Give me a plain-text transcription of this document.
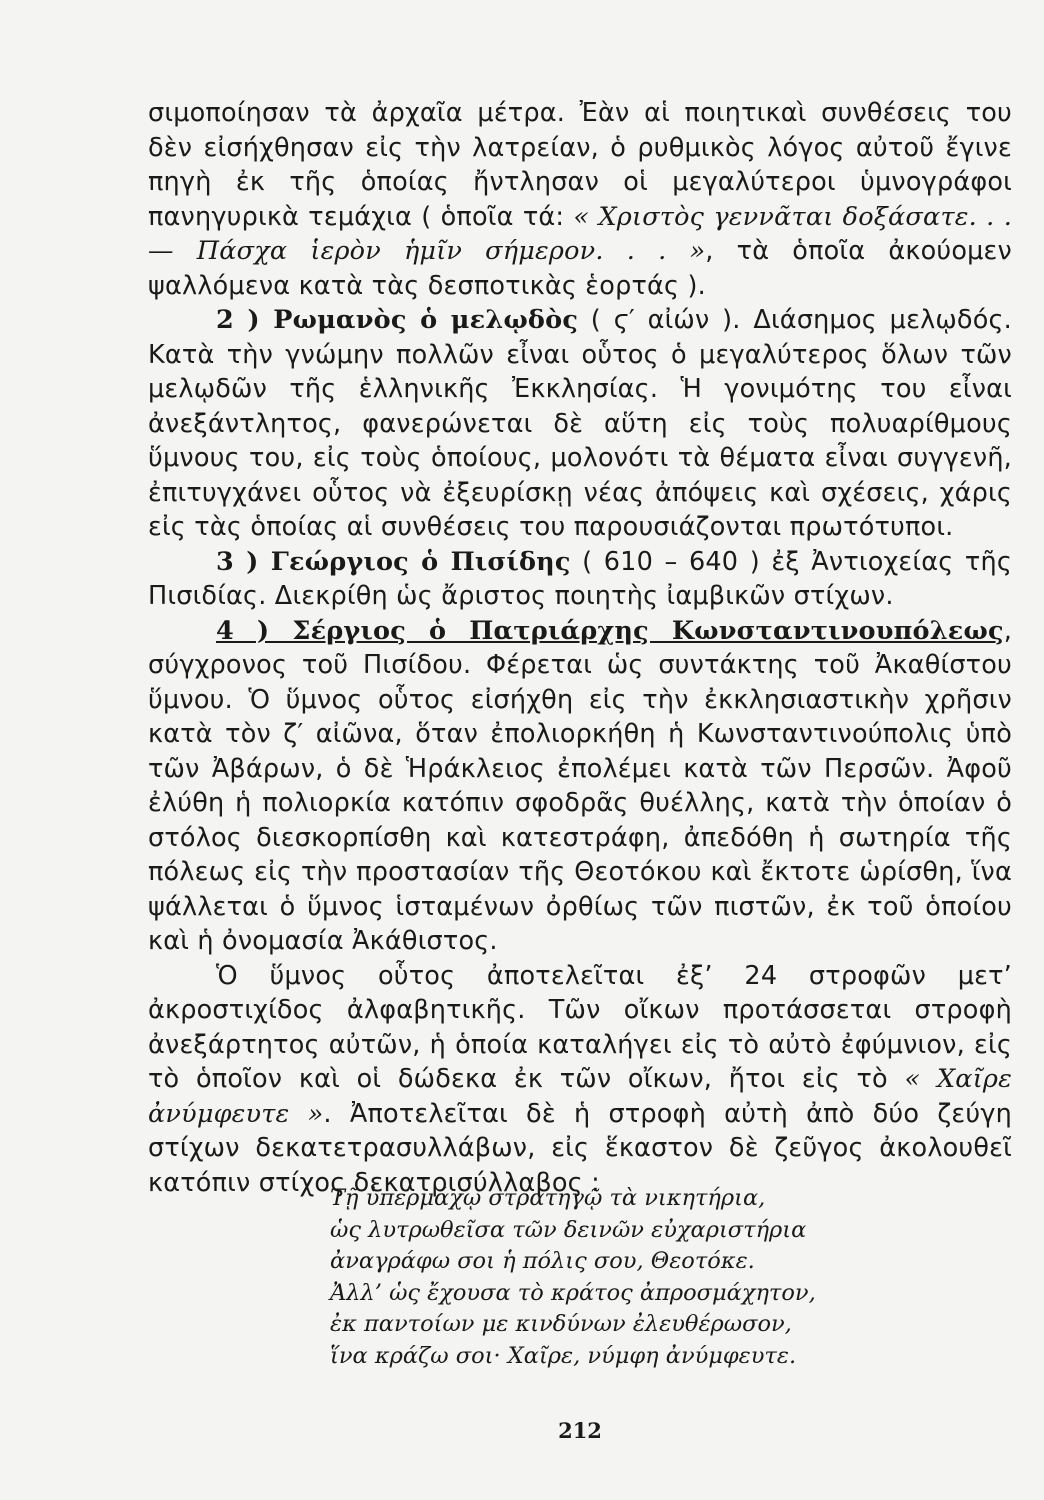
σιμοποίησαν τὰ ἀρχαῖα μέτρα. Ἐὰν αἱ ποιητικαὶ συνθέσεις του δὲν εἰσήχθησαν εἰς τὴν λατρείαν, ὁ ρυθμικὸς λόγος αὐτοῦ ἔγινε πηγὴ ἐκ τῆς ὁποίας ἤντλησαν οἱ μεγαλύτεροι ὑμνογράφοι πανηγυρικὰ τεμάχια ( ὁποῖα τά: « Χριστὸς γεννᾶται δοξάσατε. . . — Πάσχα ἱερὸν ἡμῖν σήμερον. . . », τὰ ὁποῖα ἀκούομεν ψαλλόμενα κατὰ τὰς δεσποτικὰς ἑορτάς ).

2 ) Ρωμανὸς ὁ μελῳδὸς ( ϛ′ αἰών ). Διάσημος μελῳδός. Κατὰ τὴν γνώμην πολλῶν εἶναι οὗτος ὁ μεγαλύτερος ὅλων τῶν μελῳδῶν τῆς ἑλληνικῆς Ἐκκλησίας. Ἡ γονιμότης του εἶναι ἀνεξάντλητος, φανερώνεται δὲ αὕτη εἰς τοὺς πολυαρίθμους ὕμνους του, εἰς τοὺς ὁποίους, μολονότι τὰ θέματα εἶναι συγγενῆ, ἐπιτυγχάνει οὗτος νὰ ἐξευρίσκῃ νέας ἀπόψεις καὶ σχέσεις, χάρις εἰς τὰς ὁποίας αἱ συνθέσεις του παρουσιάζονται πρωτότυποι.

3 ) Γεώργιος ὁ Πισίδης ( 610 – 640 ) ἐξ Ἀντιοχείας τῆς Πισιδίας. Διεκρίθη ὡς ἄριστος ποιητὴς ἰαμβικῶν στίχων.

4 ) Σέργιος ὁ Πατριάρχης Κωνσταντινουπόλεως, σύγχρονος τοῦ Πισίδου. Φέρεται ὡς συντάκτης τοῦ Ἀκαθίστου ὕμνου. Ὁ ὕμνος οὗτος εἰσήχθη εἰς τὴν ἐκκλησιαστικὴν χρῆσιν κατὰ τὸν ζ′ αἰῶνα, ὅταν ἐπολιορκήθη ἡ Κωνσταντινούπολις ὑπὸ τῶν Ἀβάρων, ὁ δὲ Ἡράκλειος ἐπολέμει κατὰ τῶν Περσῶν. Ἀφοῦ ἐλύθη ἡ πολιορκία κατόπιν σφοδρᾶς θυέλλης, κατὰ τὴν ὁποίαν ὁ στόλος διεσκορπίσθη καὶ κατεστράφη, ἀπεδόθη ἡ σωτηρία τῆς πόλεως εἰς τὴν προστασίαν τῆς Θεοτόκου καὶ ἔκτοτε ὡρίσθη, ἵνα ψάλλεται ὁ ὕμνος ἱσταμένων ὀρθίως τῶν πιστῶν, ἐκ τοῦ ὁποίου καὶ ἡ ὀνομασία Ἀκάθιστος.

Ὁ ὕμνος οὗτος ἀποτελεῖται ἐξ’ 24 στροφῶν μετ’ ἀκροστιχίδος ἀλφαβητικῆς. Τῶν οἴκων προτάσσεται στροφὴ ἀνεξάρτητος αὐτῶν, ἡ ὁποία καταλήγει εἰς τὸ αὐτὸ ἐφύμνιον, εἰς τὸ ὁποῖον καὶ οἱ δώδεκα ἐκ τῶν οἴκων, ἤτοι εἰς τὸ « Χαῖρε ἀνύμφευτε ». Ἀποτελεῖται δὲ ἡ στροφὴ αὐτὴ ἀπὸ δύο ζεύγη στίχων δεκατετρασυλλάβων, εἰς ἕκαστον δὲ ζεῦγος ἀκολουθεῖ κατόπιν στίχος δεκατρισύλλαβος :

Τῇ ὑπερμάχῳ στρατηγῷ τὰ νικητήρια,
ὡς λυτρωθεῖσα τῶν δεινῶν εὐχαριστήρια
ἀναγράφω σοι ἡ πόλις σου, Θεοτόκε.
Ἀλλ’ ὡς ἔχουσα τὸ κράτος ἀπροσμάχητον,
ἐκ παντοίων με κινδύνων ἐλευθέρωσον,
ἵνα κράζω σοι· Χαῖρε, νύμφη ἀνύμφευτε.
212
